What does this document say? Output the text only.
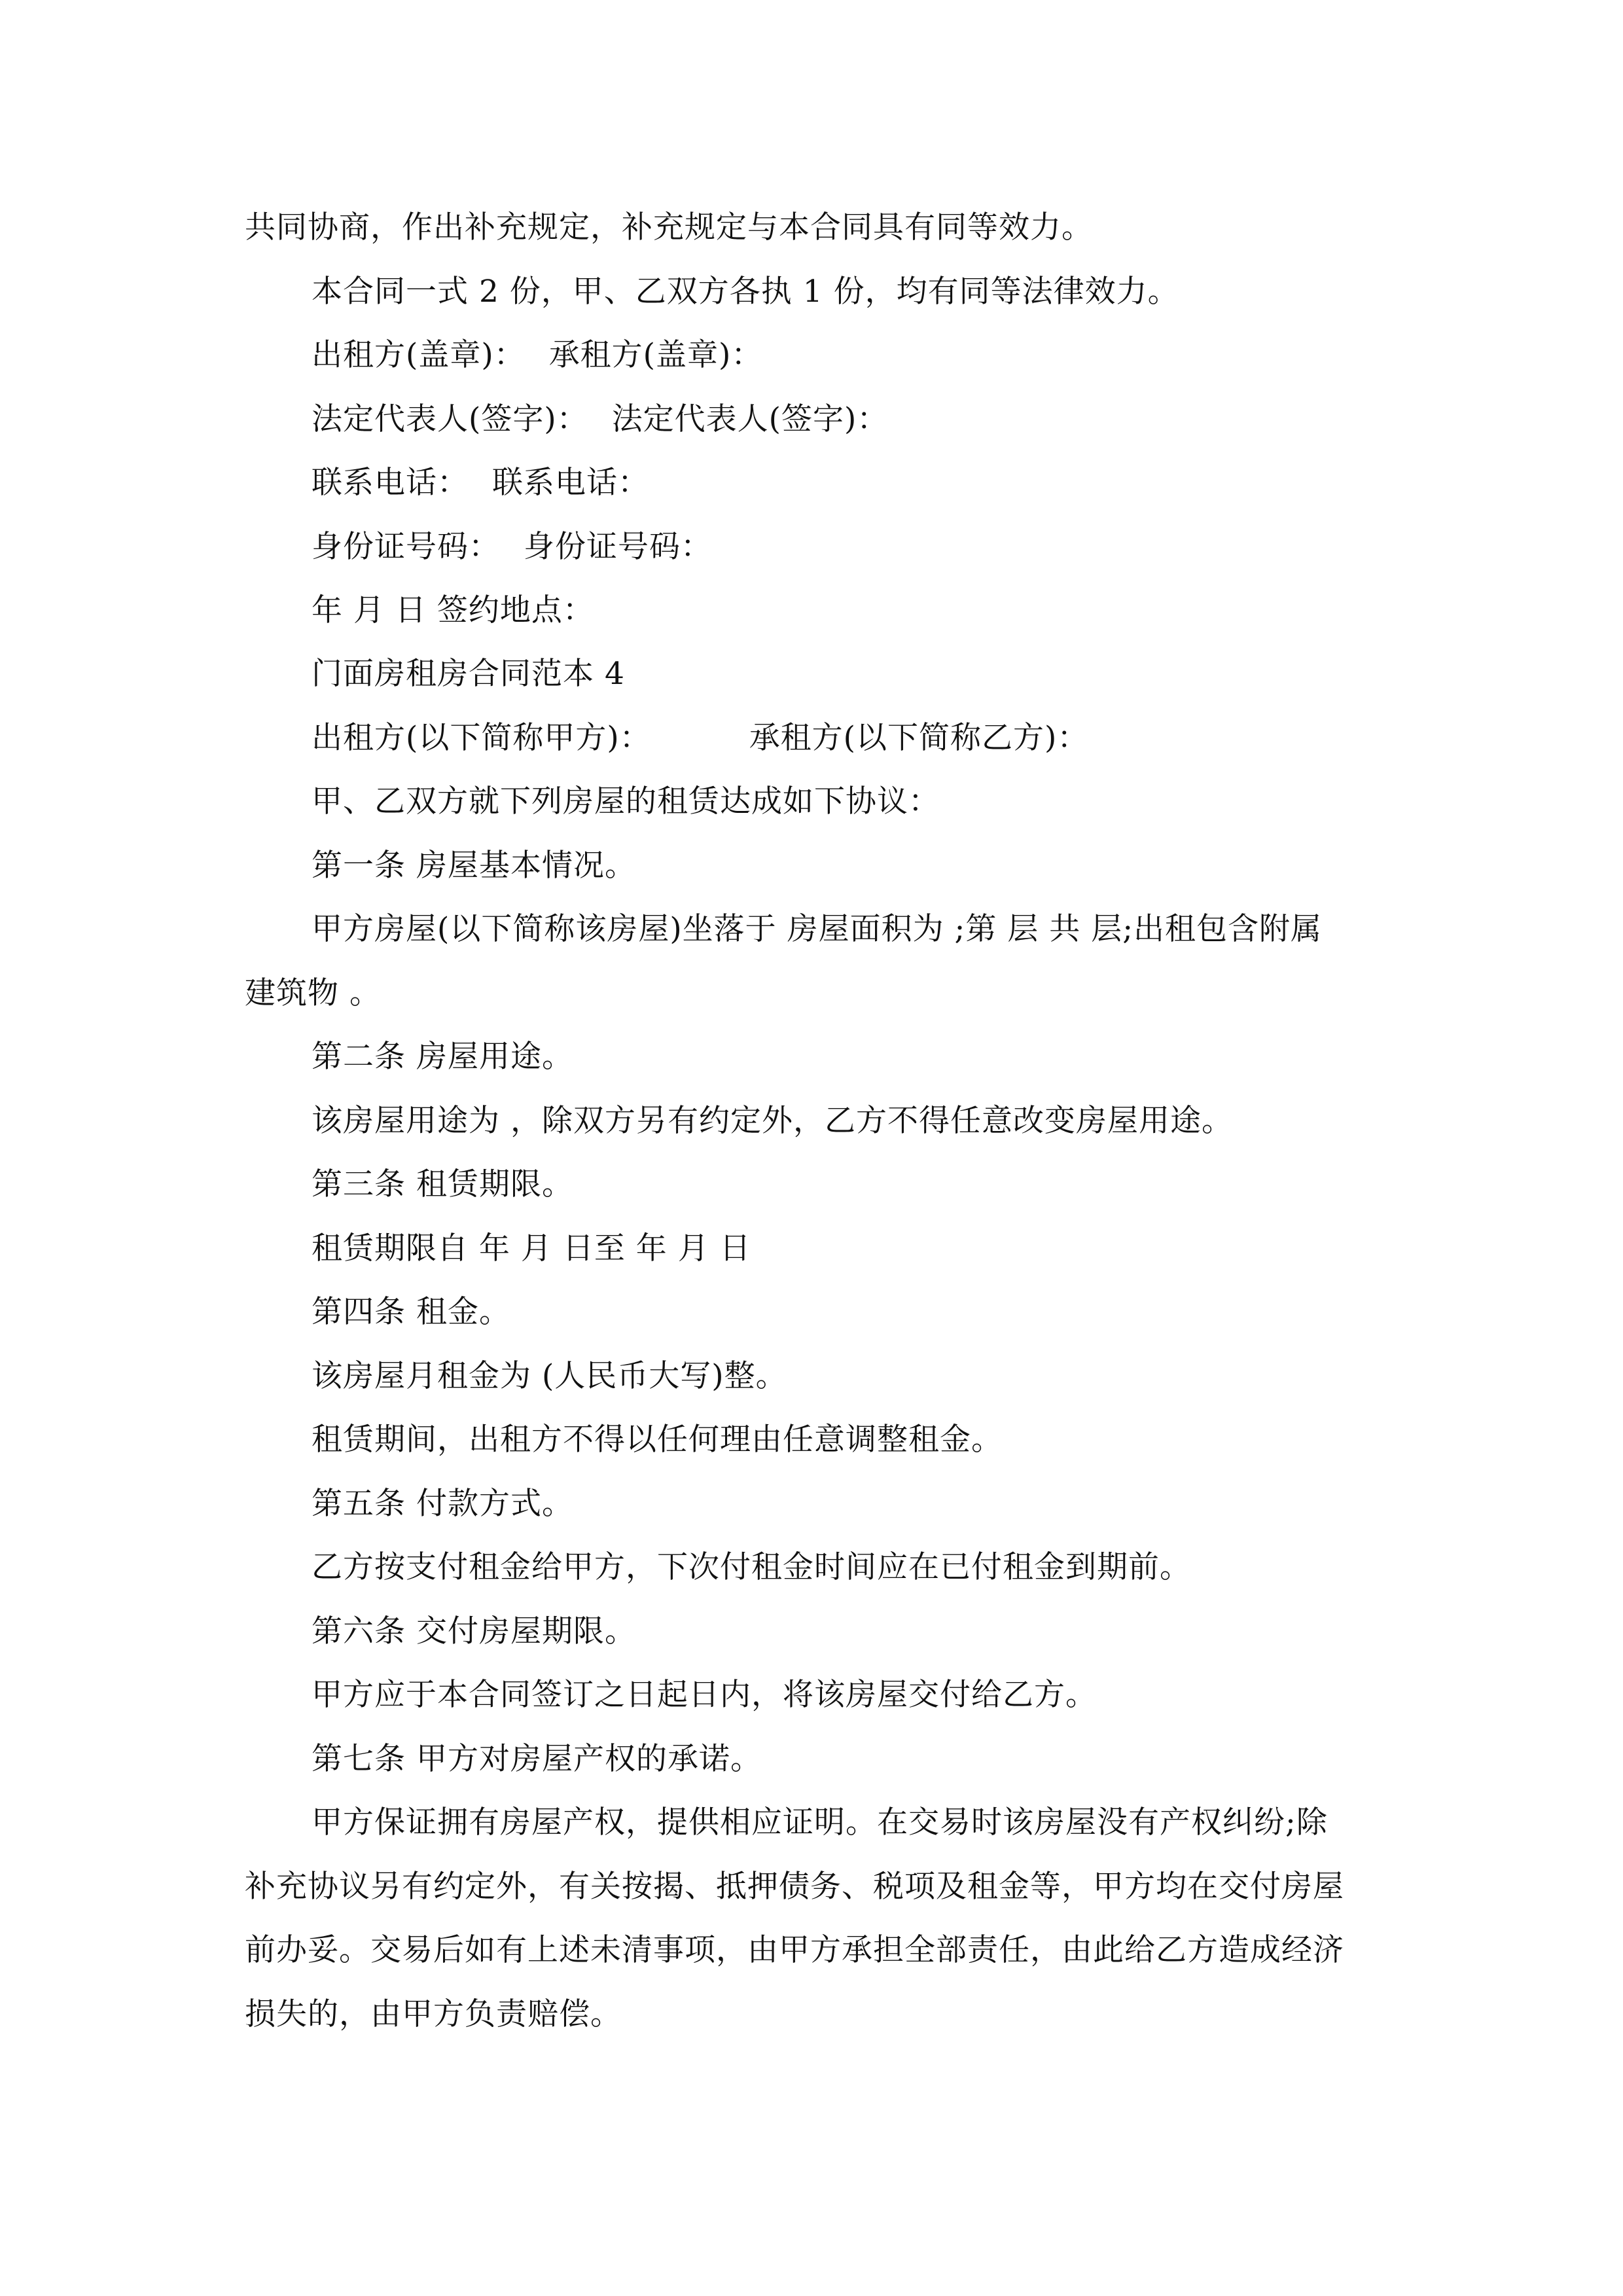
共同协商，作出补充规定，补充规定与本合同具有同等效力。
本合同一式 2 份，甲、乙双方各执 1 份，均有同等法律效力。
出租方(盖章)： 承租方(盖章)：
法定代表人(签字)： 法定代表人(签字)：
联系电话： 联系电话：
身份证号码： 身份证号码：
年 月 日 签约地点：
门面房租房合同范本 4
出租方(以下简称甲方)：	承租方(以下简称乙方)：
甲、乙双方就下列房屋的租赁达成如下协议：
第一条 房屋基本情况。
甲方房屋(以下简称该房屋)坐落于 房屋面积为 ;第 层 共 层;出租包含附属
建筑物 。
第二条 房屋用途。
该房屋用途为 ，除双方另有约定外，乙方不得任意改变房屋用途。
第三条 租赁期限。
租赁期限自 年 月 日至 年 月 日
第四条 租金。
该房屋月租金为 (人民币大写)整。
租赁期间，出租方不得以任何理由任意调整租金。
第五条 付款方式。
乙方按支付租金给甲方，下次付租金时间应在已付租金到期前。
第六条 交付房屋期限。
甲方应于本合同签订之日起日内，将该房屋交付给乙方。
第七条 甲方对房屋产权的承诺。
甲方保证拥有房屋产权，提供相应证明。在交易时该房屋没有产权纠纷;除
补充协议另有约定外，有关按揭、抵押债务、税项及租金等，甲方均在交付房屋
前办妥。交易后如有上述未清事项，由甲方承担全部责任，由此给乙方造成经济
损失的，由甲方负责赔偿。
